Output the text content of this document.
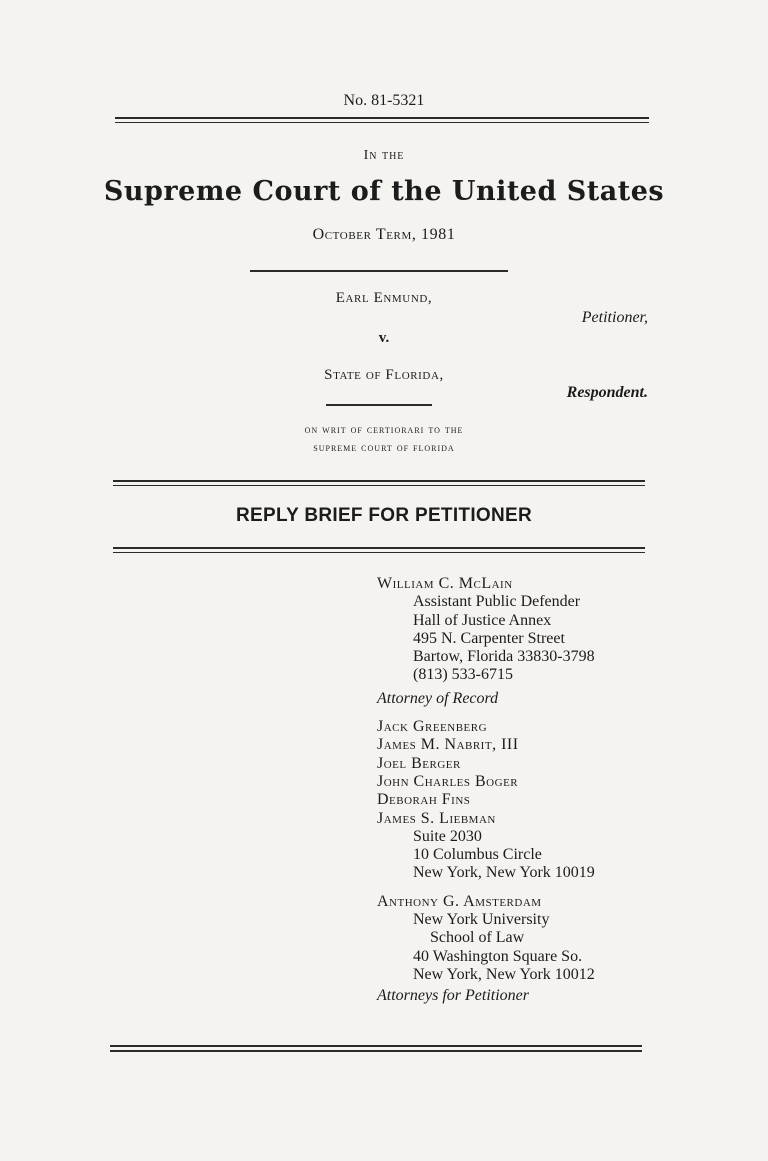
No. 81-5321
In the
Supreme Court of the United States
October Term, 1981
Earl Enmund,
Petitioner,
v.
State of Florida,
Respondent.
on writ of certiorari to the
supreme court of florida
REPLY BRIEF FOR PETITIONER
William C. McLain
Assistant Public Defender
Hall of Justice Annex
495 N. Carpenter Street
Bartow, Florida 33830-3798
(813) 533-6715
Attorney of Record
Jack Greenberg
James M. Nabrit, III
Joel Berger
John Charles Boger
Deborah Fins
James S. Liebman
Suite 2030
10 Columbus Circle
New York, New York 10019
Anthony G. Amsterdam
New York University
School of Law
40 Washington Square So.
New York, New York 10012
Attorneys for Petitioner
